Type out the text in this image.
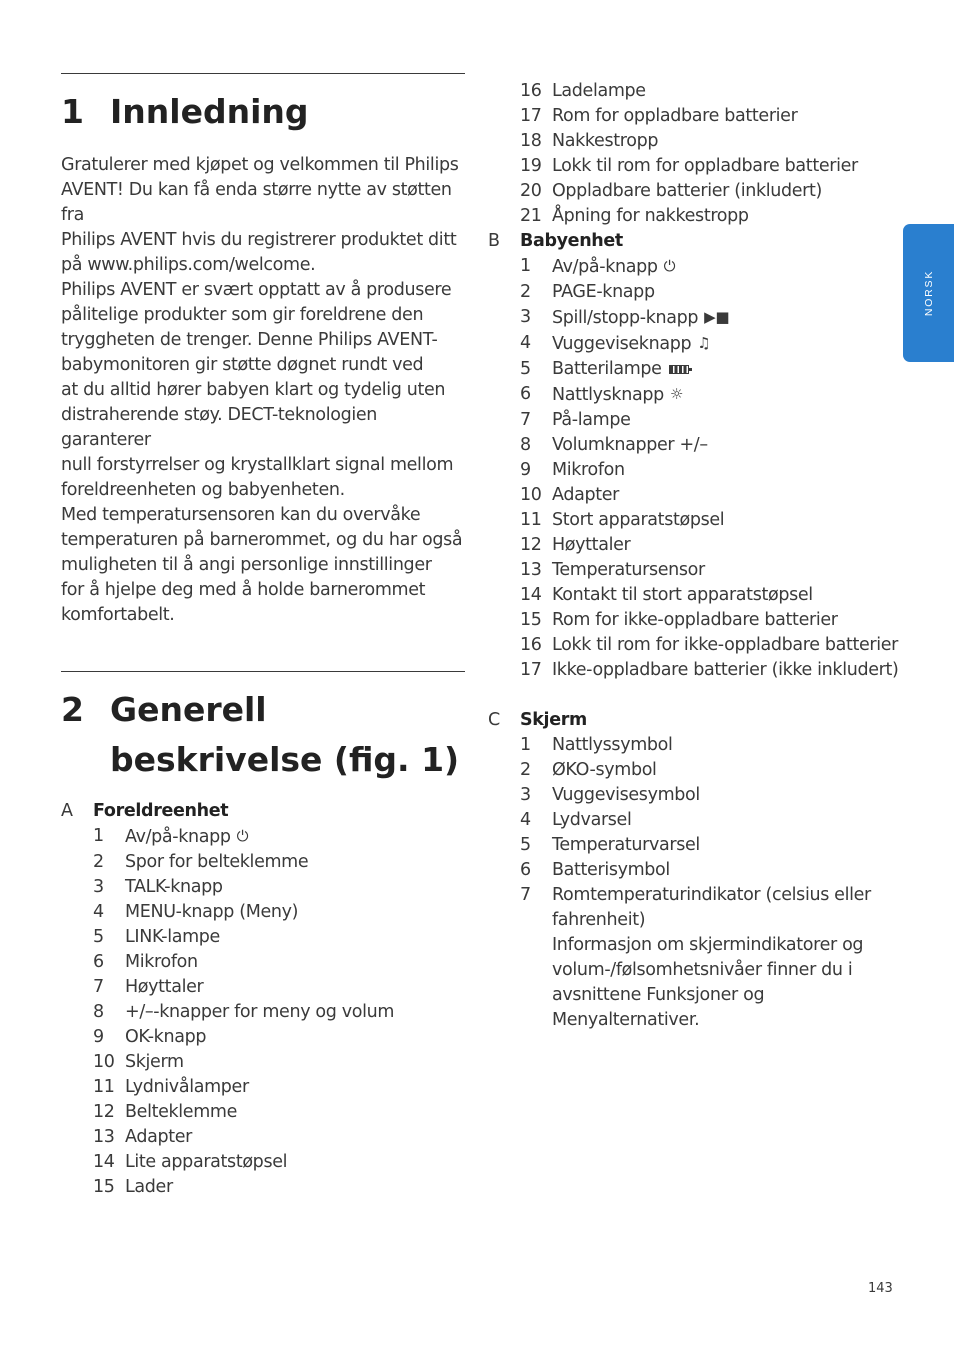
1 Innledning
Gratulerer med kjøpet og velkommen til Philips
AVENT! Du kan få enda større nytte av støtten fra
Philips AVENT hvis du registrerer produktet ditt
på www.philips.com/welcome.
Philips AVENT er svært opptatt av å produsere
pålitelige produkter som gir foreldrene den
tryggheten de trenger. Denne Philips AVENT-
babymonitoren gir støtte døgnet rundt ved
at du alltid hører babyen klart og tydelig uten
distraherende støy. DECT-teknologien garanterer
null forstyrrelser og krystallklart signal mellom
foreldreenheten og babyenheten.
Med temperatursensoren kan du overvåke
temperaturen på barnerommet, og du har også
muligheten til å angi personlige innstillinger
for å hjelpe deg med å holde barnerommet
komfortabelt.
2 Generell
beskrivelse (fig. 1)
A	Foreldreenhet
1	Av/på-knapp ⏻
2	Spor for belteklemme
3	TALK-knapp
4	MENU-knapp (Meny)
5	LINK-lampe
6	Mikrofon
7	Høyttaler
8	+/–-knapper for meny og volum
9	OK-knapp
10 Skjerm
11 Lydnivålamper
12 Belteklemme
13 Adapter
14 Lite apparatstøpsel
15 Lader
16 Ladelampe
17 Rom for oppladbare batterier
18 Nakkestropp
19 Lokk til rom for oppladbare batterier
20 Oppladbare batterier (inkludert)
21 Åpning for nakkestropp
B	Babyenhet
1	Av/på-knapp ⏻
2	PAGE-knapp
3	Spill/stopp-knapp ▶■
4	Vuggeviseknapp ♫
5	Batterilampe
6	Nattlysknapp ☼
7	På-lampe
8	Volumknapper +/–
9	Mikrofon
10 Adapter
11 Stort apparatstøpsel
12 Høyttaler
13 Temperatursensor
14 Kontakt til stort apparatstøpsel
15 Rom for ikke-oppladbare batterier
16 Lokk til rom for ikke-oppladbare batterier
17 Ikke-oppladbare batterier (ikke inkludert)
C	Skjerm
1	Nattlyssymbol
2	ØKO-symbol
3	Vuggevisesymbol
4	Lydvarsel
5	Temperaturvarsel
6	Batterisymbol
7	Romtemperaturindikator (celsius eller
fahrenheit)
Informasjon om skjermindikatorer og
volum-/følsomhetsnivåer finner du i
avsnittene Funksjoner og Menyalternativer.
NORSK
143
